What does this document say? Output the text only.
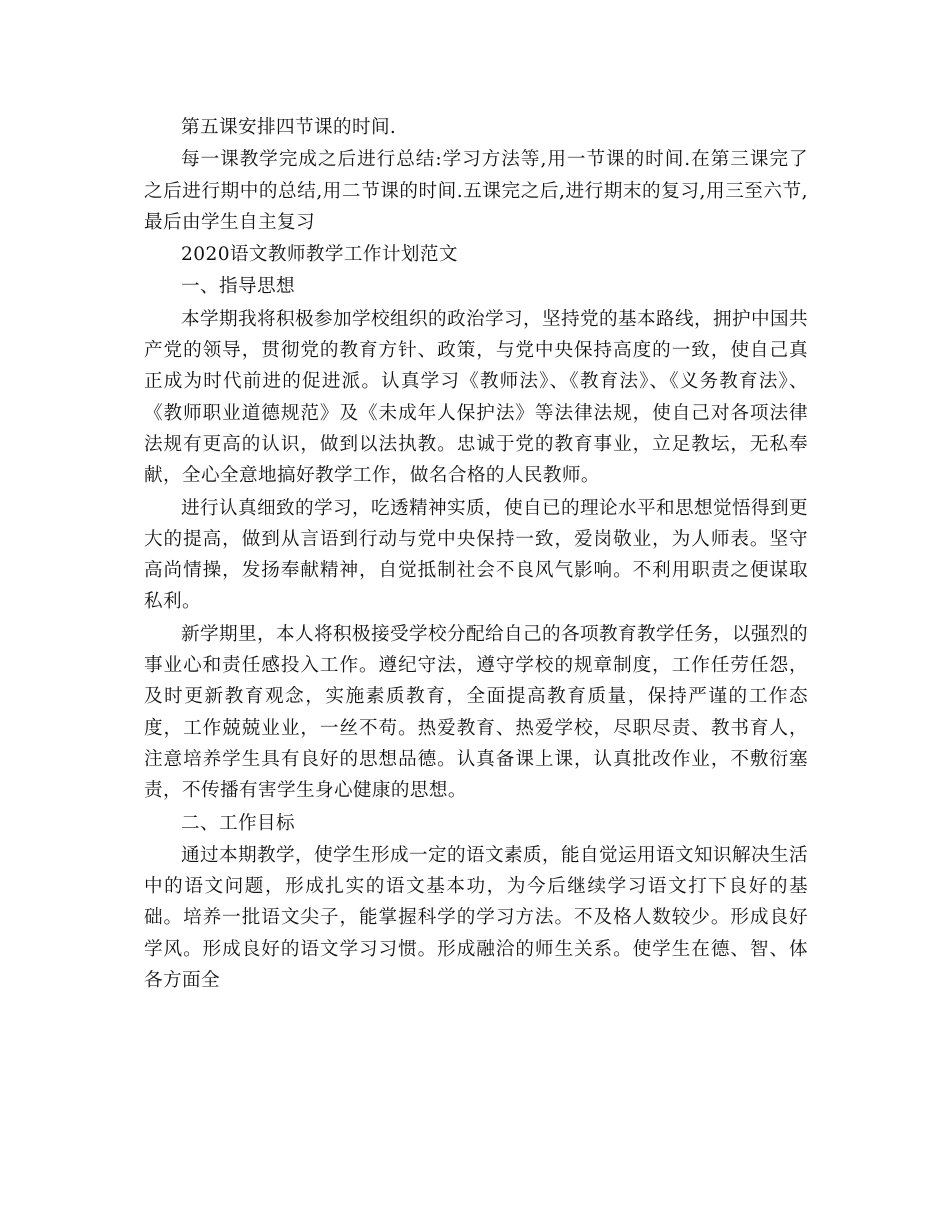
第五课安排四节课的时间.

每一课教学完成之后进行总结:学习方法等,用一节课的时间.在第三课完了之后进行期中的总结,用二节课的时间.五课完之后,进行期末的复习,用三至六节,最后由学生自主复习

2020语文教师教学工作计划范文

一、指导思想

本学期我将积极参加学校组织的政治学习，坚持党的基本路线，拥护中国共产党的领导，贯彻党的教育方针、政策，与党中央保持高度的一致，使自己真正成为时代前进的促进派。认真学习《教师法》、《教育法》、《义务教育法》、《教师职业道德规范》及《未成年人保护法》等法律法规，使自己对各项法律法规有更高的认识，做到以法执教。忠诚于党的教育事业，立足教坛，无私奉献，全心全意地搞好教学工作，做名合格的人民教师。

进行认真细致的学习，吃透精神实质，使自已的理论水平和思想觉悟得到更大的提高，做到从言语到行动与党中央保持一致，爱岗敬业，为人师表。坚守高尚情操，发扬奉献精神，自觉抵制社会不良风气影响。不利用职责之便谋取私利。

新学期里，本人将积极接受学校分配给自己的各项教育教学任务，以强烈的事业心和责任感投入工作。遵纪守法，遵守学校的规章制度，工作任劳任怨，及时更新教育观念，实施素质教育，全面提高教育质量，保持严谨的工作态度，工作兢兢业业，一丝不苟。热爱教育、热爱学校，尽职尽责、教书育人，注意培养学生具有良好的思想品德。认真备课上课，认真批改作业，不敷衍塞责，不传播有害学生身心健康的思想。

二、工作目标

通过本期教学，使学生形成一定的语文素质，能自觉运用语文知识解决生活中的语文问题，形成扎实的语文基本功，为今后继续学习语文打下良好的基础。培养一批语文尖子，能掌握科学的学习方法。不及格人数较少。形成良好学风。形成良好的语文学习习惯。形成融洽的师生关系。使学生在德、智、体各方面全
